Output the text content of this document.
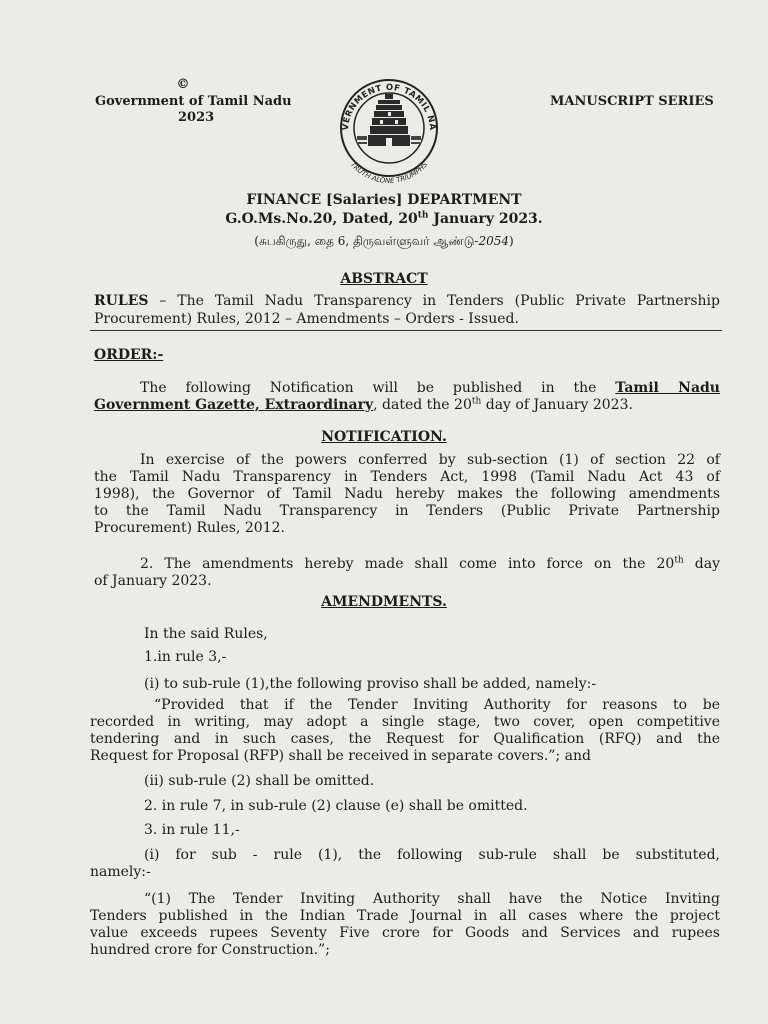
©
Government of Tamil Nadu
2023
MANUSCRIPT SERIES
VERNMENT OF TAMIL NA
TRUTH ALONE TRIUMPHS
FINANCE [Salaries] DEPARTMENT
G.O.Ms.No.20, Dated, 20th January 2023.
(சுபகிருது, தை 6, திருவள்ளுவர் ஆண்டு-2054)
ABSTRACT
RULES – The Tamil Nadu Transparency in Tenders (Public Private Partnership
Procurement) Rules, 2012 – Amendments – Orders - Issued.
ORDER:-
The following Notification will be published in the Tamil Nadu
Government Gazette, Extraordinary, dated the 20th day of January 2023.
NOTIFICATION.
In exercise of the powers conferred by sub-section (1) of section 22 of
the Tamil Nadu Transparency in Tenders Act, 1998 (Tamil Nadu Act 43 of
1998), the Governor of Tamil Nadu hereby makes the following amendments
to the Tamil Nadu Transparency in Tenders (Public Private Partnership
Procurement) Rules, 2012.
2. The amendments hereby made shall come into force on the 20th day
of January 2023.
AMENDMENTS.
In the said Rules,
1.in rule 3,-
(i) to sub-rule (1),the following proviso shall be added, namely:-
“Provided that if the Tender Inviting Authority for reasons to be
recorded in writing, may adopt a single stage, two cover, open competitive
tendering and in such cases, the Request for Qualification (RFQ) and the
Request for Proposal (RFP) shall be received in separate covers.”; and
(ii) sub-rule (2) shall be omitted.
2. in rule 7, in sub-rule (2) clause (e) shall be omitted.
3. in rule 11,-
(i) for sub - rule (1), the following sub-rule shall be substituted,
namely:-
“(1) The Tender Inviting Authority shall have the Notice Inviting
Tenders published in the Indian Trade Journal in all cases where the project
value exceeds rupees Seventy Five crore for Goods and Services and rupees
hundred crore for Construction.”;
